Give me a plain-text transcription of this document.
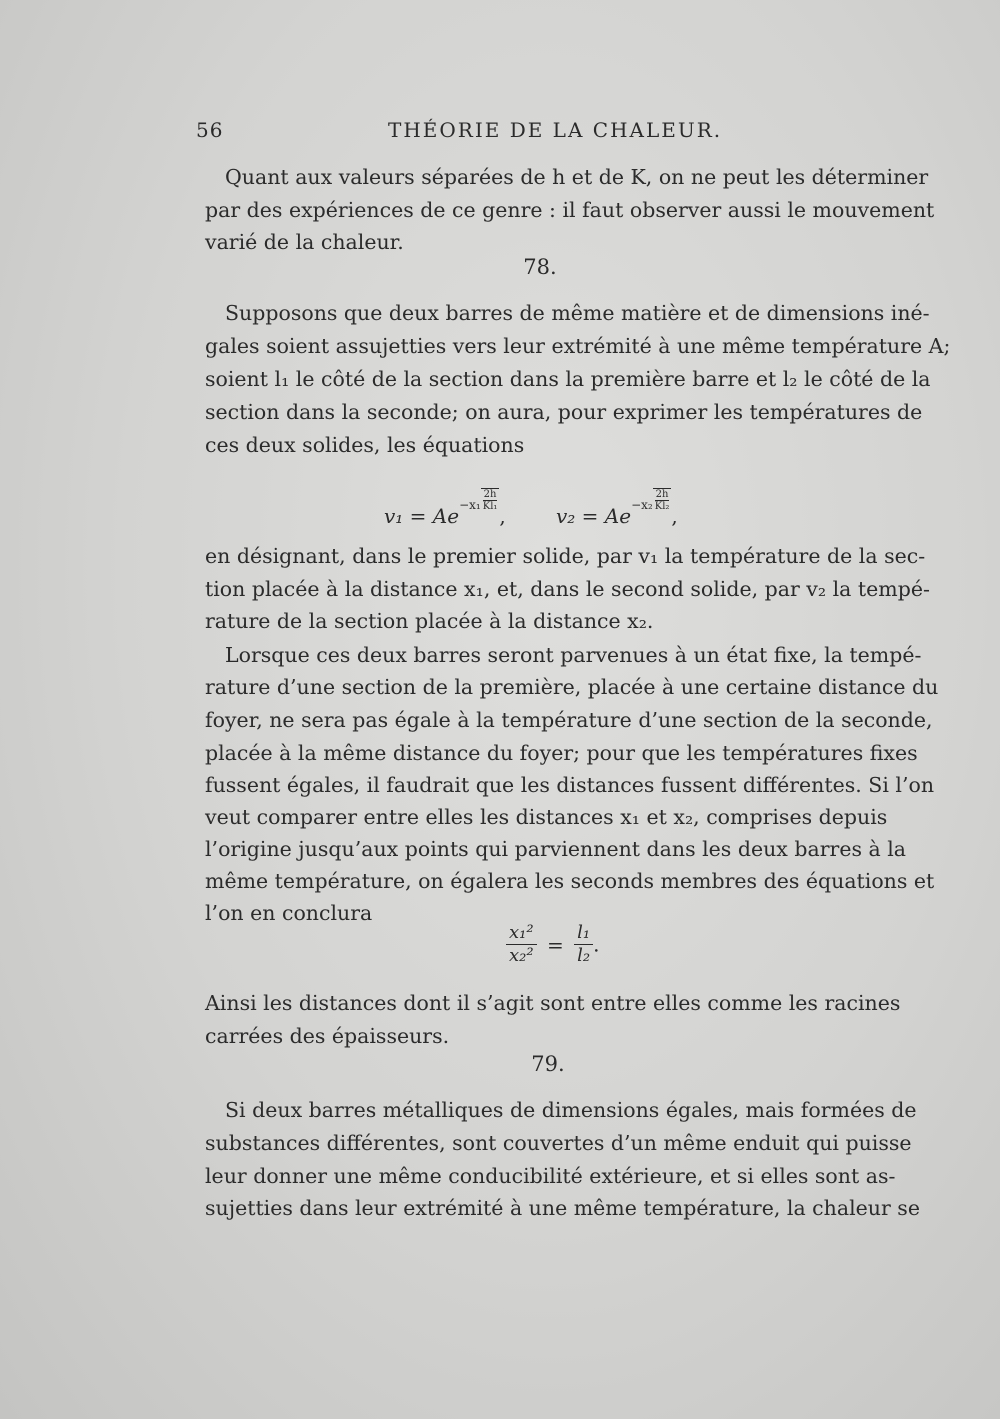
56	THÉORIE DE LA CHALEUR.
Quant aux valeurs séparées de h et de K, on ne peut les déterminer
par des expériences de ce genre : il faut observer aussi le mouvement
varié de la chaleur.
78.
Supposons que deux barres de même matière et de dimensions iné-
gales soient assujetties vers leur extrémité à une même température A;
soient l₁ le côté de la section dans la première barre et l₂ le côté de la
section dans la seconde; on aura, pour exprimer les températures de
ces deux solides, les équations
$v_1 = Ae^{-x_1} \frac{2h}{\text{Kl₁}}$
,	$v_2 = Ae^{-x_2} \frac{2h}{\text{Kl₂}}$
,
en désignant, dans le premier solide, par v₁ la température de la sec-
tion placée à la distance x₁, et, dans le second solide, par v₂ la tempé-
rature de la section placée à la distance x₂.
Lorsque ces deux barres seront parvenues à un état fixe, la tempé-
rature d’une section de la première, placée à une certaine distance du
foyer, ne sera pas égale à la température d’une section de la seconde,
placée à la même distance du foyer; pour que les températures fixes
fussent égales, il faudrait que les distances fussent différentes. Si l’on
veut comparer entre elles les distances x₁ et x₂, comprises depuis
l’origine jusqu’aux points qui parviennent dans les deux barres à la
même température, on égalera les seconds membres des équations et
l’on en conclura
$\frac{\text{x₁²}}{\text{x₂²}} = \frac{\text{l₁}}{\text{l₂}}$ .
Ainsi les distances dont il s’agit sont entre elles comme les racines
carrées des épaisseurs.
79.
Si deux barres métalliques de dimensions égales, mais formées de
substances différentes, sont couvertes d’un même enduit qui puisse
leur donner une même conducibilité extérieure, et si elles sont as-
sujetties dans leur extrémité à une même température, la chaleur se
